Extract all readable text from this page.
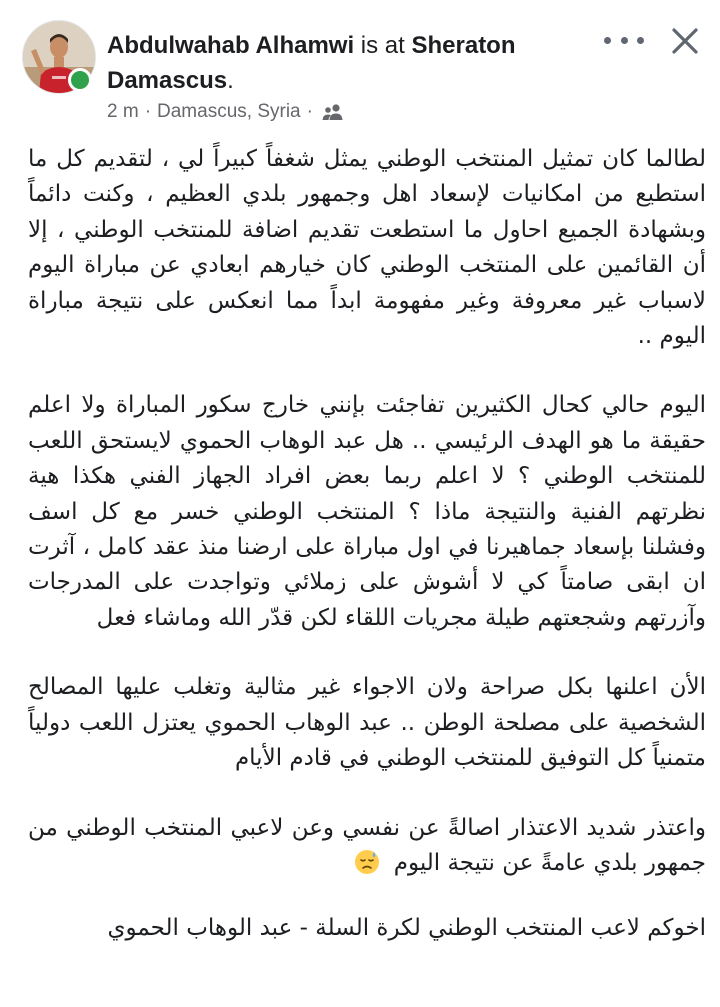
Abdulwahab Alhamwi is at Sheraton Damascus.
2 m · Damascus, Syria ·

لطالما كان تمثيل المنتخب الوطني يمثل شغفاً كبيراً لي ، لتقديم كل ما استطيع من امكانيات لإسعاد اهل وجمهور بلدي العظيم ، وكنت دائماً وبشهادة الجميع احاول ما استطعت تقديم اضافة للمنتخب الوطني ، إلا أن القائمين على المنتخب الوطني كان خيارهم ابعادي عن مباراة اليوم لاسباب غير معروفة وغير مفهومة ابداً مما انعكس على نتيجة مباراة اليوم ..

اليوم حالي كحال الكثيرين تفاجئت بإنني خارج سكور المباراة ولا اعلم حقيقة ما هو الهدف الرئيسي .. هل عبد الوهاب الحموي لايستحق اللعب للمنتخب الوطني ؟ لا اعلم ربما بعض افراد الجهاز الفني هكذا هية نظرتهم الفنية والنتيجة ماذا ؟ المنتخب الوطني خسر مع كل اسف وفشلنا بإسعاد جماهيرنا في اول مباراة على ارضنا منذ عقد كامل ، آثرت ان ابقى صامتاً كي لا أشوش على زملائي وتواجدت على المدرجات وآزرتهم وشجعتهم طيلة مجريات اللقاء لكن قدّر الله وماشاء فعل

الأن اعلنها بكل صراحة ولان الاجواء غير مثالية وتغلب عليها المصالح الشخصية على مصلحة الوطن .. عبد الوهاب الحموي يعتزل اللعب دولياً متمنياً كل التوفيق للمنتخب الوطني في قادم الأيام

واعتذر شديد الاعتذار اصالةً عن نفسي وعن لاعبي المنتخب الوطني من جمهور بلدي عامةً عن نتيجة اليوم

اخوكم لاعب المنتخب الوطني لكرة السلة - عبد الوهاب الحموي
